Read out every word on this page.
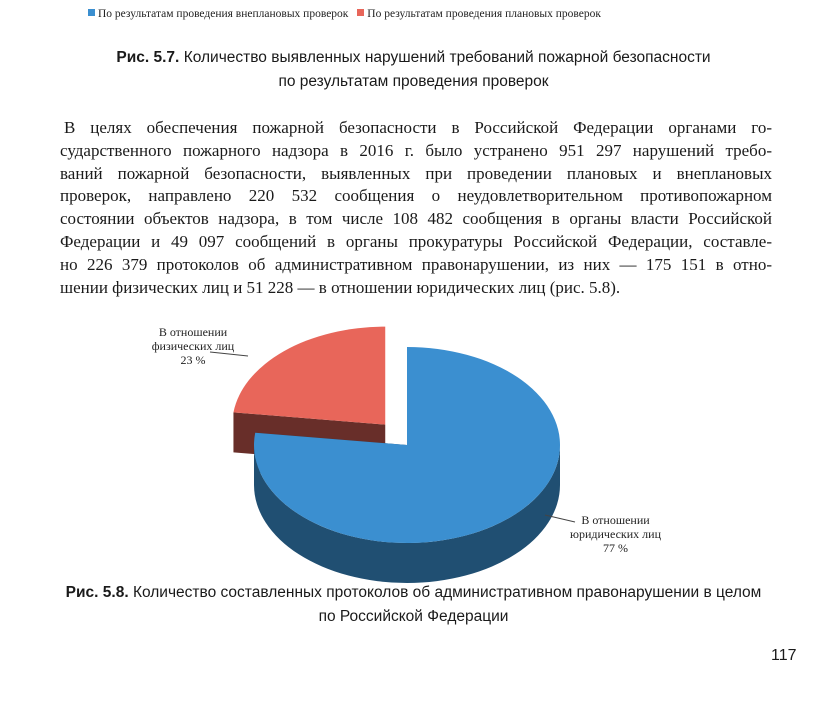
По результатам проведения внеплановых проверок По результатам проведения плановых проверок
Рис. 5.7. Количество выявленных нарушений требований пожарной безопасности
по результатам проведения проверок
В целях обеспечения пожарной безопасности в Российской Федерации органами го-
сударственного пожарного надзора в 2016 г. было устранено 951 297 нарушений требо-
ваний пожарной безопасности, выявленных при проведении плановых и внеплановых
проверок, направлено 220 532 сообщения о неудовлетворительном противопожарном
состоянии объектов надзора, в том числе 108 482 сообщения в органы власти Российской
Федерации и 49 097 сообщений в органы прокуратуры Российской Федерации, составле-
но 226 379 протоколов об административном правонарушении, из них — 175 151 в отно-
шении физических лиц и 51 228 — в отношении юридических лиц (рис. 5.8).
В отношении
физических лиц
23 %
В отношении
юридических лиц
77 %
Рис. 5.8. Количество составленных протоколов об административном правонарушении в целом
по Российской Федерации
117
